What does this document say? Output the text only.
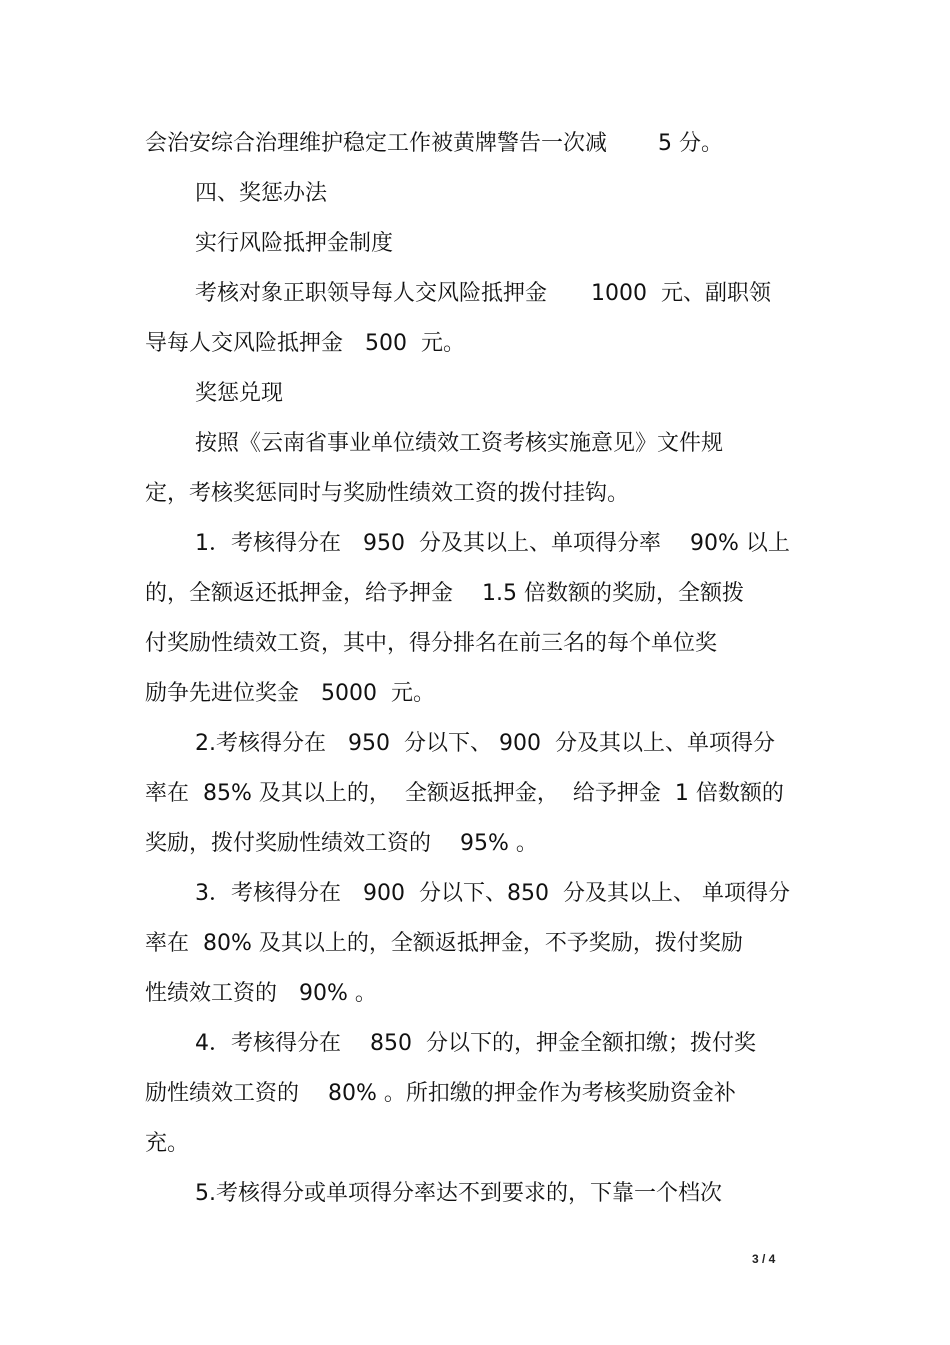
会治安综合治理维护稳定工作被黄牌警告一次减　　 5 分。
四、奖惩办法
实行风险抵押金制度
考核对象正职领导每人交风险抵押金　　1000  元、副职领
导每人交风险抵押金　500  元。
奖惩兑现
按照《云南省事业单位绩效工资考核实施意见》文件规
定，考核奖惩同时与奖励性绩效工资的拨付挂钩。
1．考核得分在　950  分及其以上、单项得分率　 90% 以上
的，全额返还抵押金，给予押金　 1.5 倍数额的奖励，全额拨
付奖励性绩效工资，其中，得分排名在前三名的每个单位奖
励争先进位奖金　5000  元。
2.考核得分在　950  分以下、 900  分及其以上、单项得分
率在  85% 及其以上的，  全额返抵押金，  给予押金  1 倍数额的
奖励，拨付奖励性绩效工资的　 95% 。
3．考核得分在　900  分以下、850  分及其以上、 单项得分
率在  80% 及其以上的，全额返抵押金，不予奖励，拨付奖励
性绩效工资的　90% 。
4．考核得分在　 850  分以下的，押金全额扣缴；拨付奖
励性绩效工资的　 80% 。所扣缴的押金作为考核奖励资金补
充。
5.考核得分或单项得分率达不到要求的，下靠一个档次
3 / 4
